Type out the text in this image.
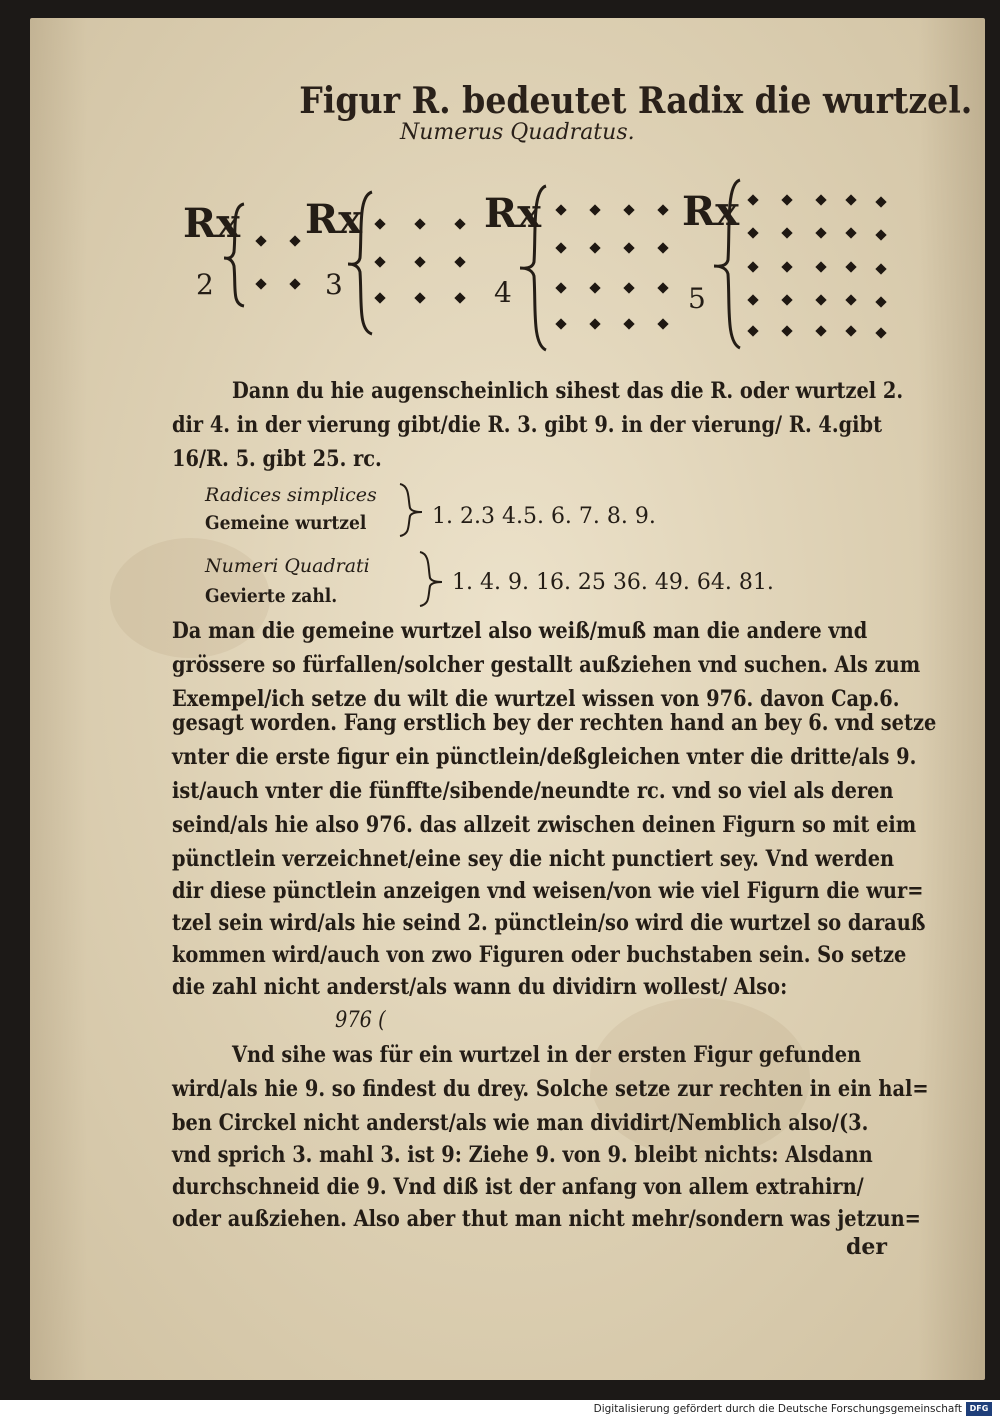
Figur R. bedeutet Radix die wurtzel.
Numerus Quadratus.
Rx
2
Rx
3
Rx
4
Rx
5
Dann du hie augenscheinlich sihest das die R. oder wurtzel 2.
dir 4. in der vierung gibt/die R. 3. gibt 9. in der vierung/ R. 4.gibt
16/R. 5. gibt 25. rc.
Radices simplices
Gemeine wurtzel	1. 2.3 4.5. 6. 7. 8. 9.
Numeri Quadrati
Gevierte zahl.
1. 4. 9. 16. 25 36. 49. 64. 81.
Da man die gemeine wurtzel also weiß/muß man die andere vnd
grössere so fürfallen/solcher gestallt außziehen vnd suchen. Als zum
Exempel/ich setze du wilt die wurtzel wissen von 976. davon Cap.6.
gesagt worden. Fang erstlich bey der rechten hand an bey 6. vnd setze
vnter die erste figur ein pünctlein/deßgleichen vnter die dritte/als 9.
ist/auch vnter die fünffte/sibende/neundte rc. vnd so viel als deren
seind/als hie also 976. das allzeit zwischen deinen Figurn so mit eim
pünctlein verzeichnet/eine sey die nicht punctiert sey. Vnd werden
dir diese pünctlein anzeigen vnd weisen/von wie viel Figurn die wur=
tzel sein wird/als hie seind 2. pünctlein/so wird die wurtzel so darauß
kommen wird/auch von zwo Figuren oder buchstaben sein. So setze
die zahl nicht anderst/als wann du dividirn wollest/ Also:
976 (
Vnd sihe was für ein wurtzel in der ersten Figur gefunden
wird/als hie 9. so findest du drey. Solche setze zur rechten in ein hal=
ben Circkel nicht anderst/als wie man dividirt/Nemblich also/(3.
vnd sprich 3. mahl 3. ist 9: Ziehe 9. von 9. bleibt nichts: Alsdann
durchschneid die 9. Vnd diß ist der anfang von allem extrahirn/
oder außziehen. Also aber thut man nicht mehr/sondern was jetzun=
der
Digitalisierung gefördert durch die Deutsche Forschungsgemeinschaft DFG
